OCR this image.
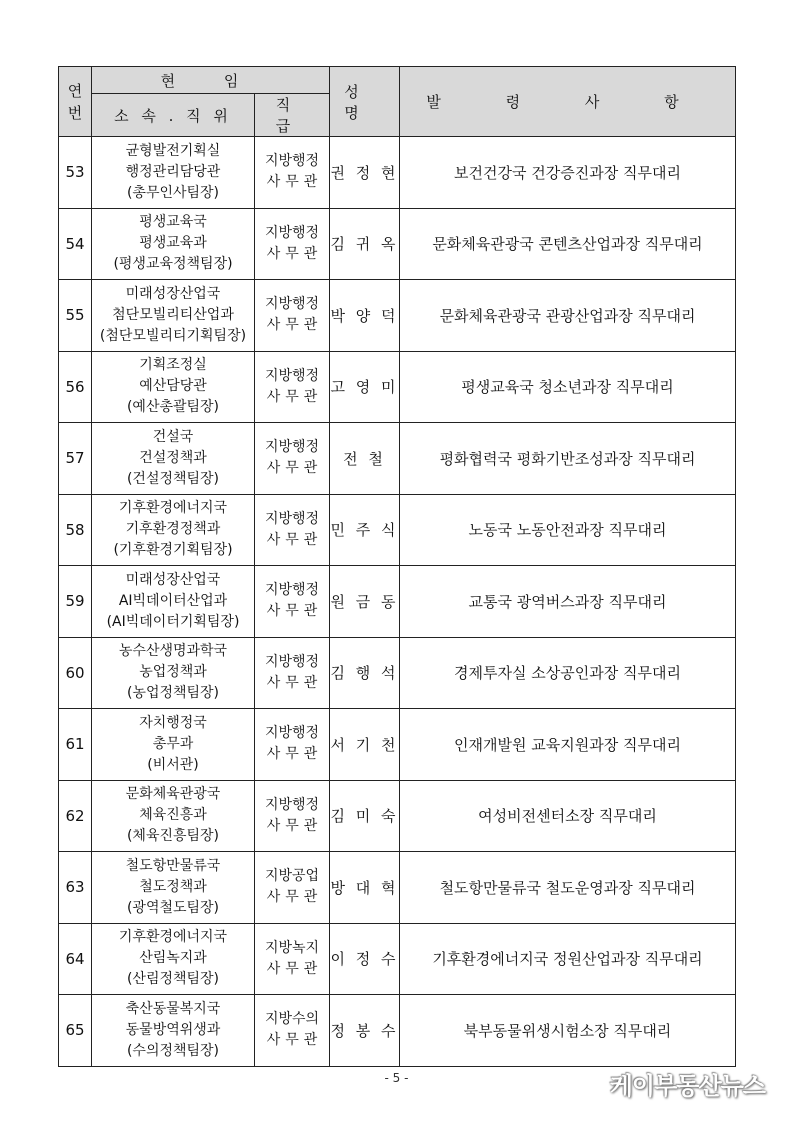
연
번	현 임		성 명	발 령 사 항
	소 속 . 직 위	직 급		
53	균형발전기획실
행정관리담당관
(총무인사팀장)	지방행정
사무관	권 정 현	보건건강국 건강증진과장 직무대리
54	평생교육국
평생교육과
(평생교육정책팀장)	지방행정
사무관	김 귀 옥	문화체육관광국 콘텐츠산업과장 직무대리
55	미래성장산업국
첨단모빌리티산업과
(첨단모빌리티기획팀장)	지방행정
사무관	박 양 덕	문화체육관광국 관광산업과장 직무대리
56	기획조정실
예산담당관
(예산총괄팀장)	지방행정
사무관	고 영 미	평생교육국 청소년과장 직무대리
57	건설국
건설정책과
(건설정책팀장)	지방행정
사무관	전 철	평화협력국 평화기반조성과장 직무대리
58	기후환경에너지국
기후환경정책과
(기후환경기획팀장)	지방행정
사무관	민 주 식	노동국 노동안전과장 직무대리
59	미래성장산업국
AI빅데이터산업과
(AI빅데이터기획팀장)	지방행정
사무관	원 금 동	교통국 광역버스과장 직무대리
60	농수산생명과학국
농업정책과
(농업정책팀장)	지방행정
사무관	김 행 석	경제투자실 소상공인과장 직무대리
61	자치행정국
총무과
(비서관)	지방행정
사무관	서 기 천	인재개발원 교육지원과장 직무대리
62	문화체육관광국
체육진흥과
(체육진흥팀장)	지방행정
사무관	김 미 숙	여성비전센터소장 직무대리
63	철도항만물류국
철도정책과
(광역철도팀장)	지방공업
사무관	방 대 혁	철도항만물류국 철도운영과장 직무대리
64	기후환경에너지국
산림녹지과
(산림정책팀장)	지방녹지
사무관	이 정 수	기후환경에너지국 정원산업과장 직무대리
65	축산동물복지국
동물방역위생과
(수의정책팀장)	지방수의
사무관	정 봉 수	북부동물위생시험소장 직무대리
- 5 -	케이부동산뉴스
